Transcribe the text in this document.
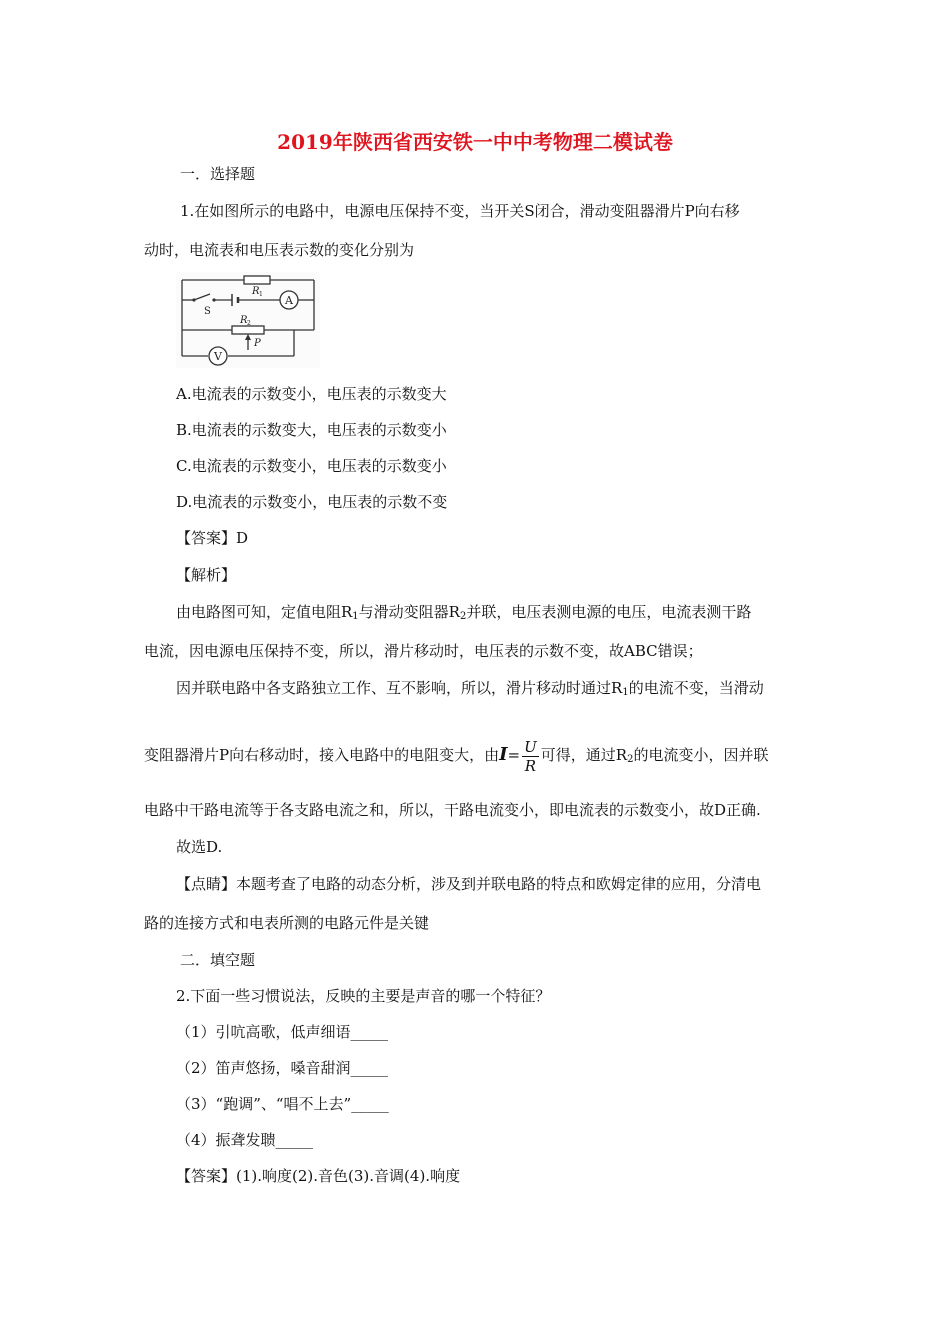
2019年陕西省西安铁一中中考物理二模试卷
一．选择题
1.在如图所示的电路中，电源电压保持不变，当开关S闭合，滑动变阻器滑片P向右移
动时，电流表和电压表示数的变化分别为
A
V
R 1
R 2
S
P
A.电流表的示数变小，电压表的示数变大
B.电流表的示数变大，电压表的示数变小
C.电流表的示数变小，电压表的示数变小
D.电流表的示数变小，电压表的示数不变
【答案】D
【解析】
由电路图可知，定值电阻$R_1$与滑动变阻器$R_2$并联，电压表测电源的电压，电流表测干路
电流，因电源电压保持不变，所以，滑片移动时，电压表的示数不变，故ABC错误；
因并联电路中各支路独立工作、互不影响，所以，滑片移动时通过$R_1$的电流不变，当滑动
变阻器滑片P向右移动时，接入电路中的电阻变大，由$I= \frac{U}{R}$ 可得，通过$R_2$的电流变小，因并联
电路中干路电流等于各支路电流之和，所以，干路电流变小，即电流表的示数变小，故D正确.
故选D.
【点睛】本题考查了电路的动态分析，涉及到并联电路的特点和欧姆定律的应用，分清电
路的连接方式和电表所测的电路元件是关键
二．填空题
2.下面一些习惯说法，反映的主要是声音的哪一个特征？
（1）引吭高歌，低声细语_____
（2）笛声悠扬，嗓音甜润_____
（3）“跑调”、“唱不上去”_____
（4）振聋发聩_____
【答案】(1).响度(2).音色(3).音调(4).响度
